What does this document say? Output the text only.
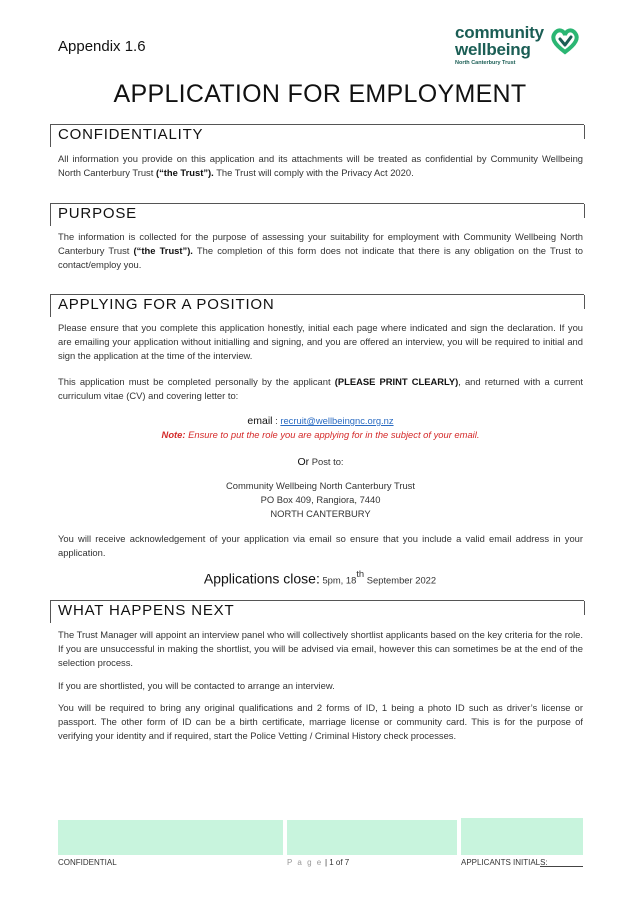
Appendix 1.6
community
wellbeing
North Canterbury Trust
APPLICATION FOR EMPLOYMENT
CONFIDENTIALITY
All information you provide on this application and its attachments will be treated as confidential by Community Wellbeing North Canterbury Trust (“the Trust”). The Trust will comply with the Privacy Act 2020.
PURPOSE
The information is collected for the purpose of assessing your suitability for employment with Community Wellbeing North Canterbury Trust (“the Trust”). The completion of this form does not indicate that there is any obligation on the Trust to contact/employ you.
APPLYING FOR A POSITION
Please ensure that you complete this application honestly, initial each page where indicated and sign the declaration. If you are emailing your application without initialling and signing, and you are offered an interview, you will be required to initial and sign the application at the time of the interview.
This application must be completed personally by the applicant (PLEASE PRINT CLEARLY), and returned with a current curriculum vitae (CV) and covering letter to:
email : recruit@wellbeingnc.org.nz
Note: Ensure to put the role you are applying for in the subject of your email.
Or Post to:
Community Wellbeing North Canterbury Trust
PO Box 409, Rangiora, 7440
NORTH CANTERBURY
You will receive acknowledgement of your application via email so ensure that you include a valid email address in your application.
Applications close: 5pm, 18th September 2022
WHAT HAPPENS NEXT
The Trust Manager will appoint an interview panel who will collectively shortlist applicants based on the key criteria for the role. If you are unsuccessful in making the shortlist, you will be advised via email, however this can sometimes be at the end of the selection process.
If you are shortlisted, you will be contacted to arrange an interview.
You will be required to bring any original qualifications and 2 forms of ID, 1 being a photo ID such as driver’s license or passport. The other form of ID can be a birth certificate, marriage license or community card. This is for the purpose of verifying your identity and if required, start the Police Vetting / Criminal History check processes.
CONFIDENTIAL	P a g e | 1 of 7	APPLICANTS INITIALS:
